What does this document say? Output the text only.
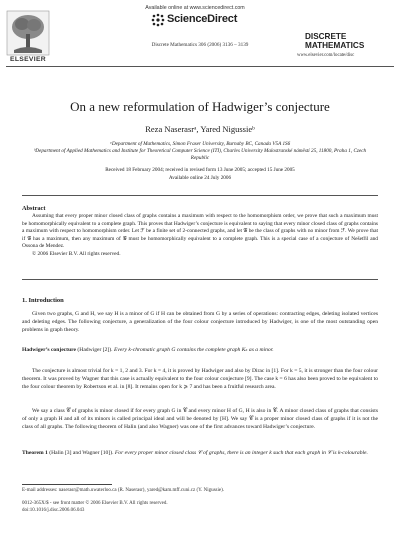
Available online at www.sciencedirect.com
ScienceDirect
Discrete Mathematics 306 (2006) 3136 – 3139
ELSEVIER
DISCRETE
MATHEMATICS
www.elsevier.com/locate/disc
On a new reformulation of Hadwiger’s conjecture
Reza Naserasrᵃ, Yared Nigussieᵇ
ᵃDepartment of Mathematics, Simon Fraser University, Burnaby BC, Canada V5A 1S6
ᵇDepartment of Applied Mathematics and Institute for Theoretical Computer Science (ITI), Charles University Malostranské náměstí 25, 11800, Praha 1, Czech Republic
Received 18 February 2004; received in revised form 13 June 2005; accepted 15 June 2005
Available online 24 July 2006
Abstract
Assuming that every proper minor closed class of graphs contains a maximum with respect to the homomorphism order, we prove that such a maximum must be homomorphically equivalent to a complete graph. This proves that Hadwiger’s conjecture is equivalent to saying that every minor closed class of graphs contains a maximum with respect to homomorphism order. Let ℱ be a finite set of 2-connected graphs, and let 𝒢 be the class of graphs with no minor from ℱ. We prove that if 𝒢 has a maximum, then any maximum of 𝒢 must be homomorphically equivalent to a complete graph. This is a special case of a conjecture of Nešetřil and Ossona de Mendez.
© 2006 Elsevier B.V. All rights reserved.
1. Introduction
Given two graphs, G and H, we say H is a minor of G if H can be obtained from G by a series of operations: contracting edges, deleting isolated vertices and deleting edges. The following conjecture, a generalization of the four colour conjecture introduced by Hadwiger, is one of the most outstanding open problems in graph theory.
Hadwiger’s conjecture (Hadwiger [2]). Every k-chromatic graph G contains the complete graph Kₖ as a minor.
The conjecture is almost trivial for k = 1, 2 and 3. For k = 4, it is proved by Hadwiger and also by Dirac in [1]. For k = 5, it is stronger than the four colour theorem. It was proved by Wagner that this case is actually equivalent to the four colour conjecture [9]. The case k = 6 has also been proved to be equivalent to the four colour theorem by Robertson et al. in [8]. It remains open for k ⩾ 7 and has been a fruitful research area.
We say a class 𝒞 of graphs is minor closed if for every graph G in 𝒞 and every minor H of G, H is also in 𝒞. A minor closed class of graphs that consists of only a graph H and all of its minors is called principal ideal and will be denoted by [H]. We say 𝒞 is a proper minor closed class of graphs if it is not the class of all graphs. The following theorem of Halin (and also Wagner) was one of the first advances toward Hadwiger’s conjecture.
Theorem 1 (Halin [3] and Wagner [10]). For every proper minor closed class 𝒞 of graphs, there is an integer k such that each graph in 𝒞 is k-colourable.
E-mail addresses: naserasr@math.uwaterloo.ca (R. Naserasr), yared@kam.mff.cuni.cz (Y. Nigussie).
0012-365X/$ - see front matter © 2006 Elsevier B.V. All rights reserved.
doi:10.1016/j.disc.2006.06.043
